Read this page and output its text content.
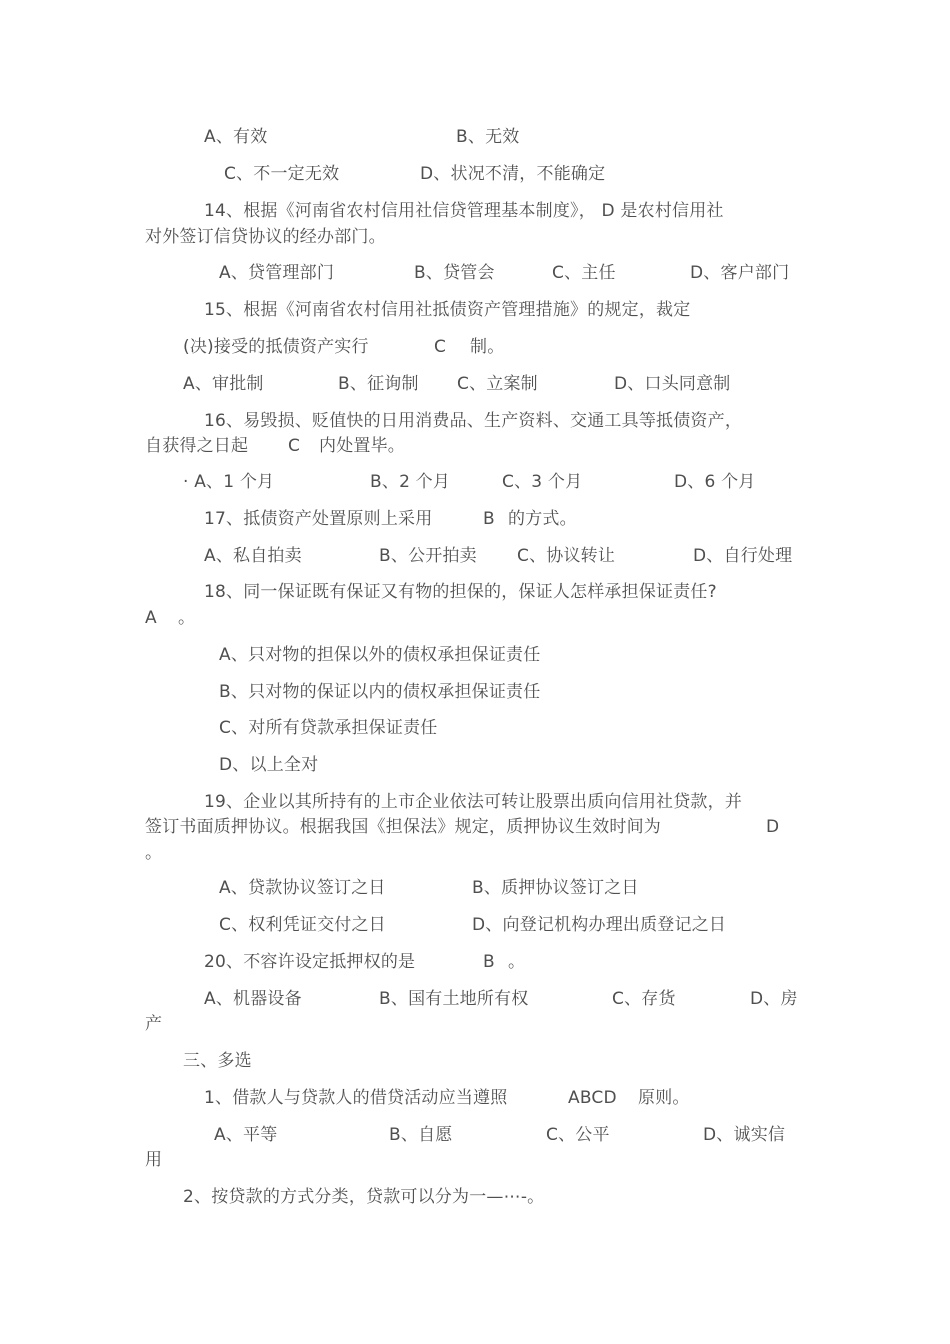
A、有效	B、无效
C、不一定无效	D、状况不清，不能确定
14、根据《河南省农村信用社信贷管理基本制度》， D 是农村信用社
对外签订信贷协议的经办部门。
A、贷管理部门	B、贷管会	C、主任	D、客户部门
15、根据《河南省农村信用社抵债资产管理措施》的规定，裁定
(决)接受的抵债资产实行	C 制。
A、审批制	B、征询制 C、立案制	D、口头同意制
16、易毁损、贬值快的日用消费品、生产资料、交通工具等抵债资产，
自获得之日起 C 内处置毕。
· A、1 个月	B、2 个月	C、3 个月	D、6 个月
17、抵债资产处置原则上采用	B 的方式。
A、私自拍卖	B、公开拍卖 C、协议转让	D、自行处理
18、同一保证既有保证又有物的担保的，保证人怎样承担保证责任?
A 。
A、只对物的担保以外的债权承担保证责任
B、只对物的保证以内的债权承担保证责任
C、对所有贷款承担保证责任
D、以上全对
19、企业以其所持有的上市企业依法可转让股票出质向信用社贷款，并
签订书面质押协议。根据我国《担保法》规定，质押协议生效时间为	D
。
A、贷款协议签订之日	B、质押协议签订之日
C、权利凭证交付之日	D、向登记机构办理出质登记之日
20、不容许设定抵押权的是	B 。
A、机器设备	B、国有土地所有权	C、存货	D、房
产
三、多选
1、借款人与贷款人的借贷活动应当遵照	ABCD 原则。
A、平等	B、自愿	C、公平	D、诚实信
用
2、按贷款的方式分类，贷款可以分为一—⋯-。
